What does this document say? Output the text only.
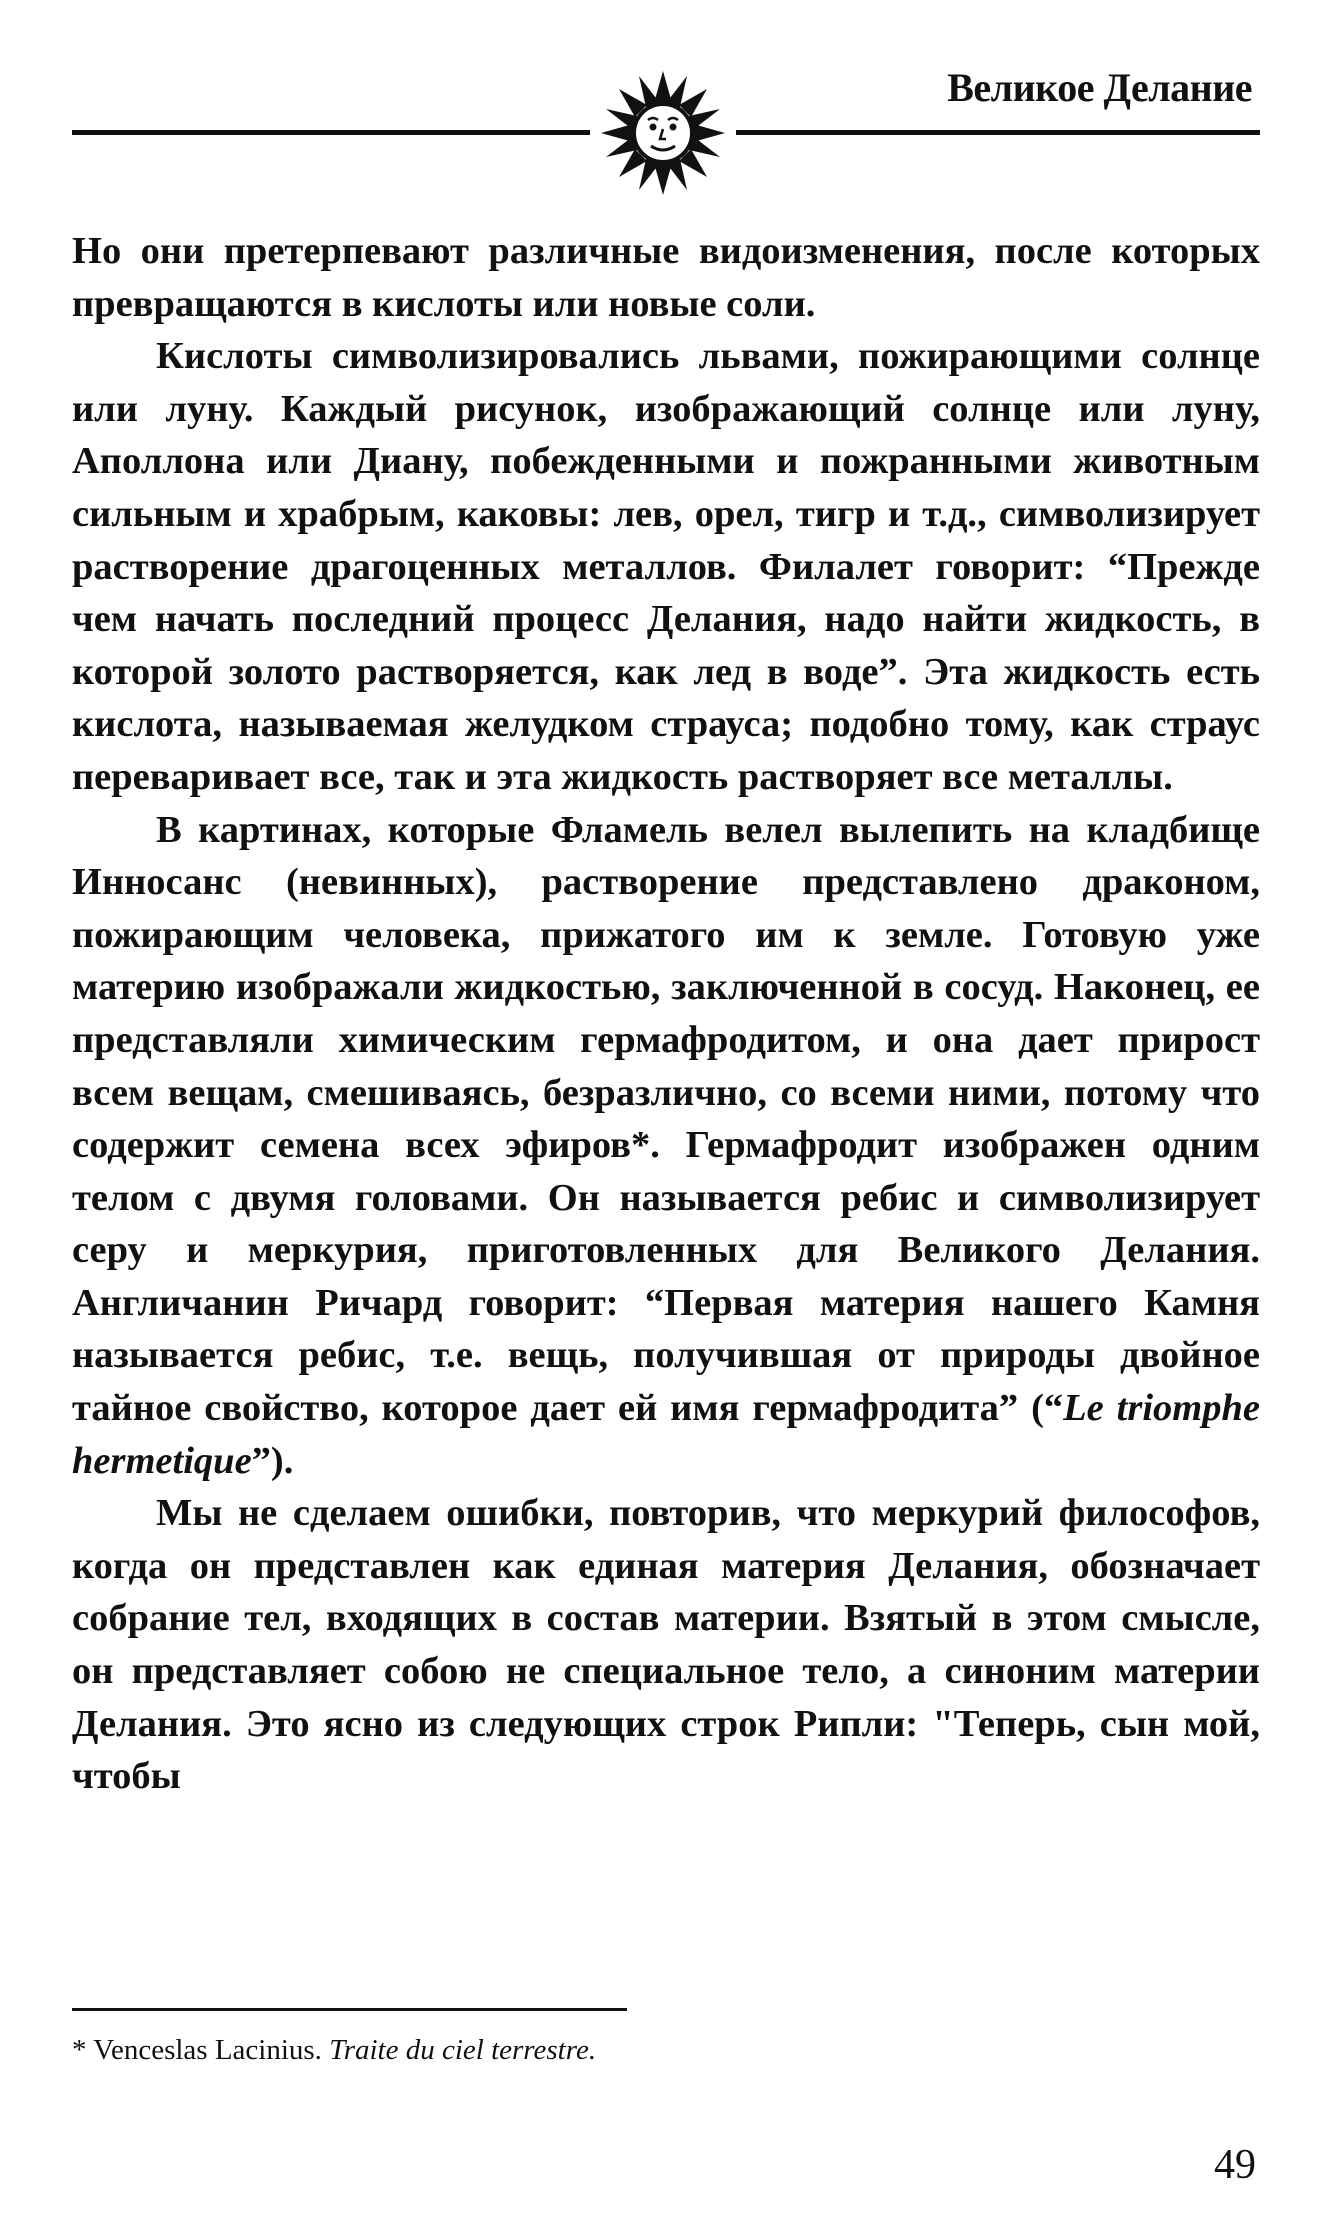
Великое Делание

Но они претерпевают различные видоизменения, после которых превращаются в кислоты или новые соли.

Кислоты символизировались львами, пожирающими солнце или луну. Каждый рисунок, изображающий солнце или луну, Аполлона или Диану, побежденными и пожранными животным сильным и храбрым, каковы: лев, орел, тигр и т.д., символизирует растворение драгоценных металлов. Филалет говорит: “Прежде чем начать последний процесс Делания, надо найти жидкость, в которой золото растворяется, как лед в воде”. Эта жидкость есть кислота, называемая желудком страуса; подобно тому, как страус переваривает все, так и эта жидкость растворяет все металлы.

В картинах, которые Фламель велел вылепить на кладбище Инносанс (невинных), растворение представлено драконом, пожирающим человека, прижатого им к земле. Готовую уже материю изображали жидкостью, заключенной в сосуд. Наконец, ее представляли химическим гермафродитом, и она дает прирост всем вещам, смешиваясь, безразлично, со всеми ними, потому что содержит семена всех эфиров*. Гермафродит изображен одним телом с двумя головами. Он называется ребис и символизирует серу и меркурия, приготовленных для Великого Делания. Англичанин Ричард говорит: “Первая материя нашего Камня называется ребис, т.е. вещь, получившая от природы двойное тайное свойство, которое дает ей имя гермафродита” (“Le triomphe hermetique”).

Мы не сделаем ошибки, повторив, что меркурий философов, когда он представлен как единая материя Делания, обозначает собрание тел, входящих в состав материи. Взятый в этом смысле, он представляет собою не специальное тело, а синоним материи Делания. Это ясно из следующих строк Рипли: "Теперь, сын мой, чтобы

* Venceslas Lacinius. Traite du ciel terrestre.
49
